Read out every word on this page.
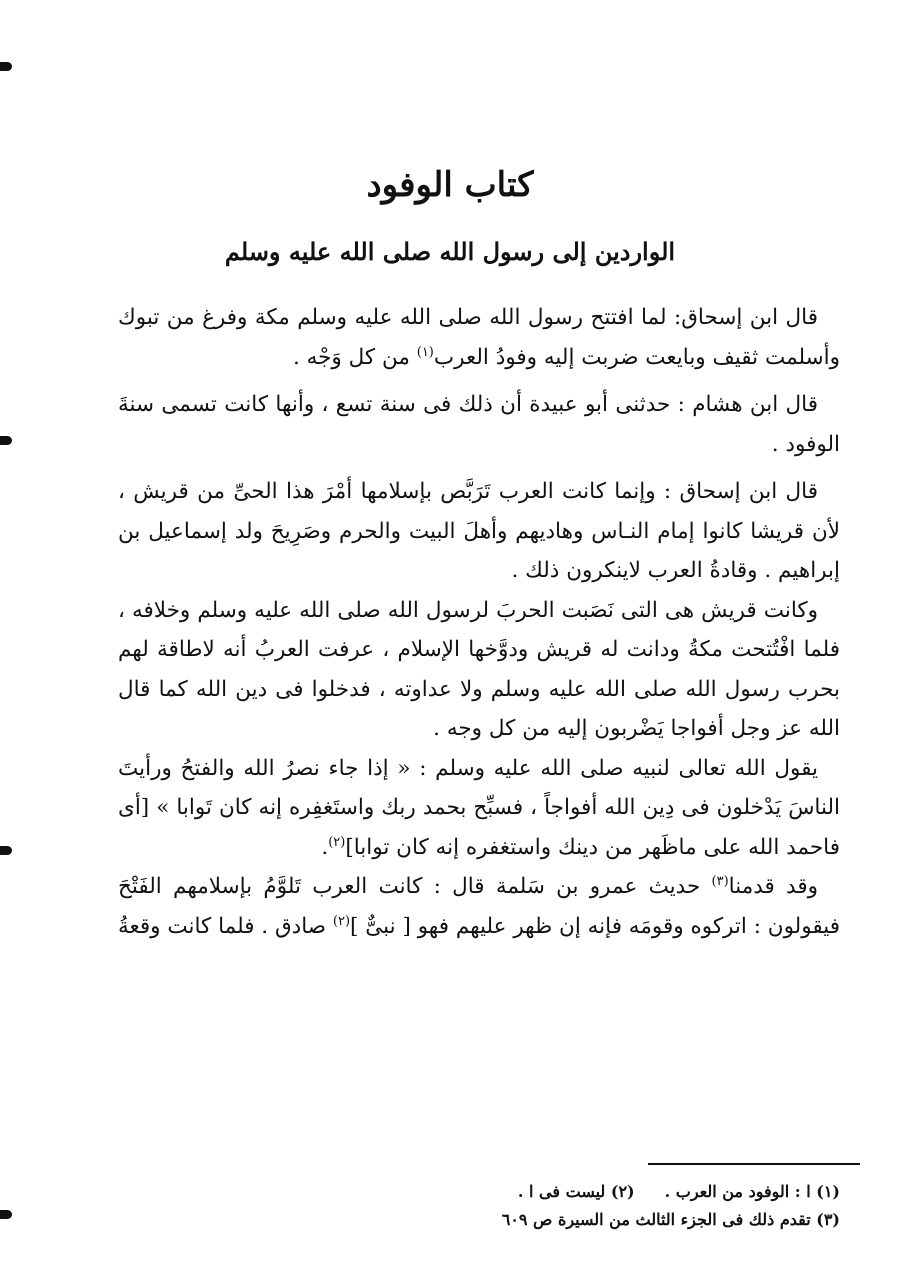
كتاب الوفود
الواردين إلى رسول الله صلى الله عليه وسلم

قال ابن إسحاق: لما افتتح رسول الله صلى الله عليه وسلم مكة وفرغ من تبوك وأسلمت ثقيف وبايعت ضربت إليه وفودُ العرب$^{(١)}$ من كل وَجْه .

قال ابن هشام : حدثنى أبو عبيدة أن ذلك فى سنة تسع ، وأنها كانت تسمى سنةَ الوفود .

قال ابن إسحاق : وإنما كانت العرب تَرَبَّص بإسلامها أمْرَ هذا الحىِّ من قريش ، لأن قريشا كانوا إمام النـاس وهاديهم وأهلَ البيت والحرم وصَرِيحَ ولد إسماعيل بن إبراهيم . وقادةُ العرب لاينكرون ذلك .

وكانت قريش هى التى نَصَبت الحربَ لرسول الله صلى الله عليه وسلم وخلافه ، فلما افْتُتحت مكةُ ودانت له قريش ودوَّخها الإسلام ، عرفت العربُ أنه لاطاقة لهم بحرب رسول الله صلى الله عليه وسلم ولا عداوته ، فدخلوا فى دين الله كما قال الله عز وجل أفواجا يَضْربون إليه من كل وجه .

يقول الله تعالى لنبيه صلى الله عليه وسلم : « إذا جاء نصرُ الله والفتحُ ورأيتَ الناسَ يَدْخلون فى دِين الله أفواجاً ، فسبِّح بحمد ربك واستَغفِره إنه كان تَوابا » [أى فاحمد الله على ماظَهر من دينك واستغفره إنه كان توابا]$^{(٢)}$.

وقد قدمنا$^{(٣)}$ حديث عمرو بن سَلمة قال : كانت العرب تَلوَّمُ بإسلامهم الفَتْحَ فيقولون : اتركوه وقومَه فإنه إن ظهر عليهم فهو [ نبىٌّ ]$^{(٢)}$ صادق . فلما كانت وقعةُ

(١) ا : الوفود من العرب .(٢) ليست فى ا .
(٣) تقدم ذلك فى الجزء الثالث من السيرة ص ٦٠٩
